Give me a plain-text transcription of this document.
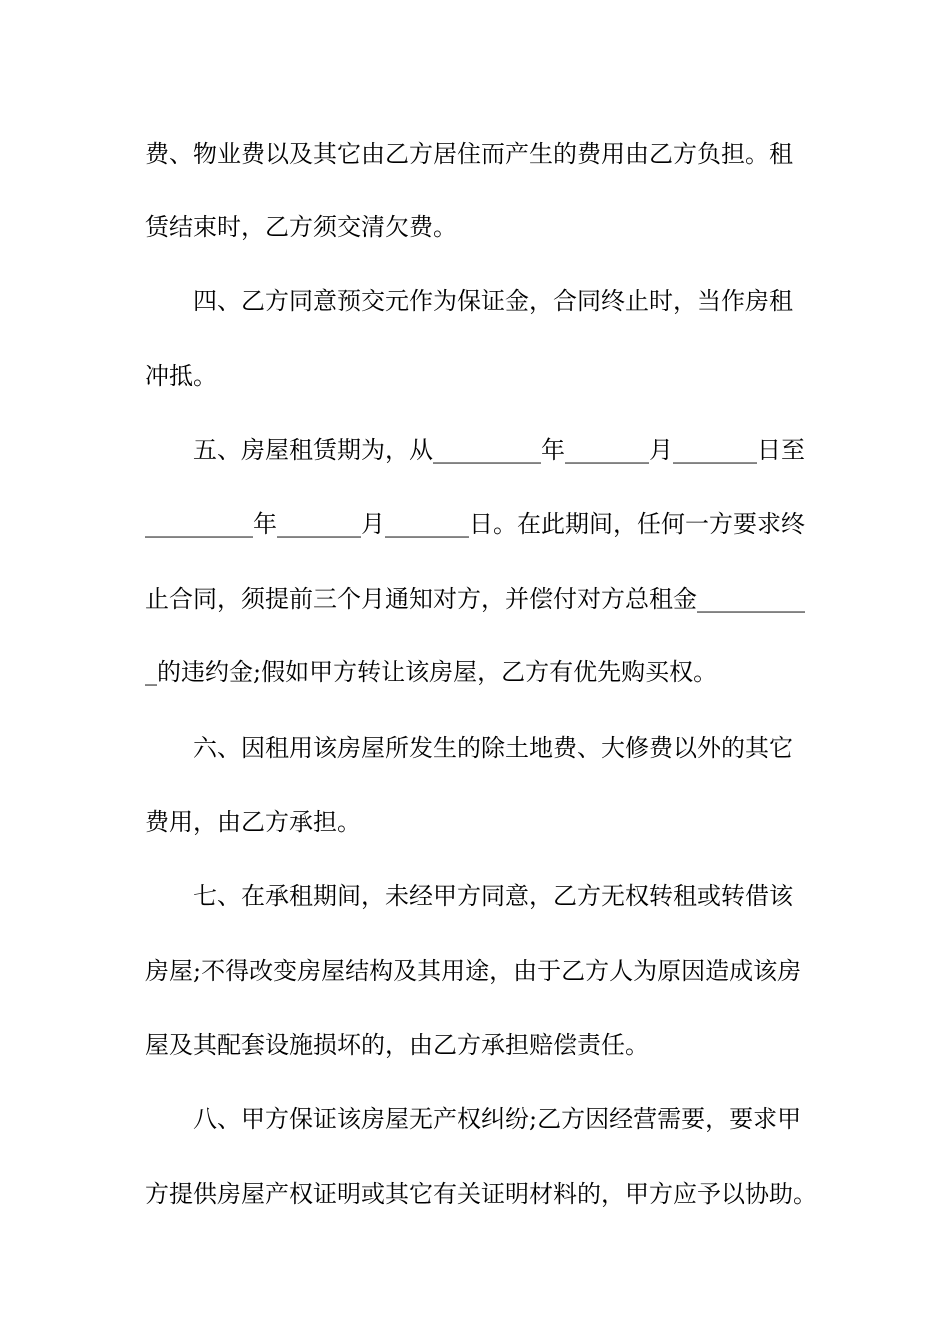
费、物业费以及其它由乙方居住而产生的费用由乙方负担。租
赁结束时，乙方须交清欠费。
四、乙方同意预交元作为保证金，合同终止时，当作房租
冲抵。
五、房屋租赁期为，从_________年_______月_______日至
_________年_______月_______日。在此期间，任何一方要求终
止合同，须提前三个月通知对方，并偿付对方总租金_________
_的违约金;假如甲方转让该房屋，乙方有优先购买权。
六、因租用该房屋所发生的除土地费、大修费以外的其它
费用，由乙方承担。
七、在承租期间，未经甲方同意，乙方无权转租或转借该
房屋;不得改变房屋结构及其用途，由于乙方人为原因造成该房
屋及其配套设施损坏的，由乙方承担赔偿责任。
八、甲方保证该房屋无产权纠纷;乙方因经营需要，要求甲
方提供房屋产权证明或其它有关证明材料的，甲方应予以协助。
